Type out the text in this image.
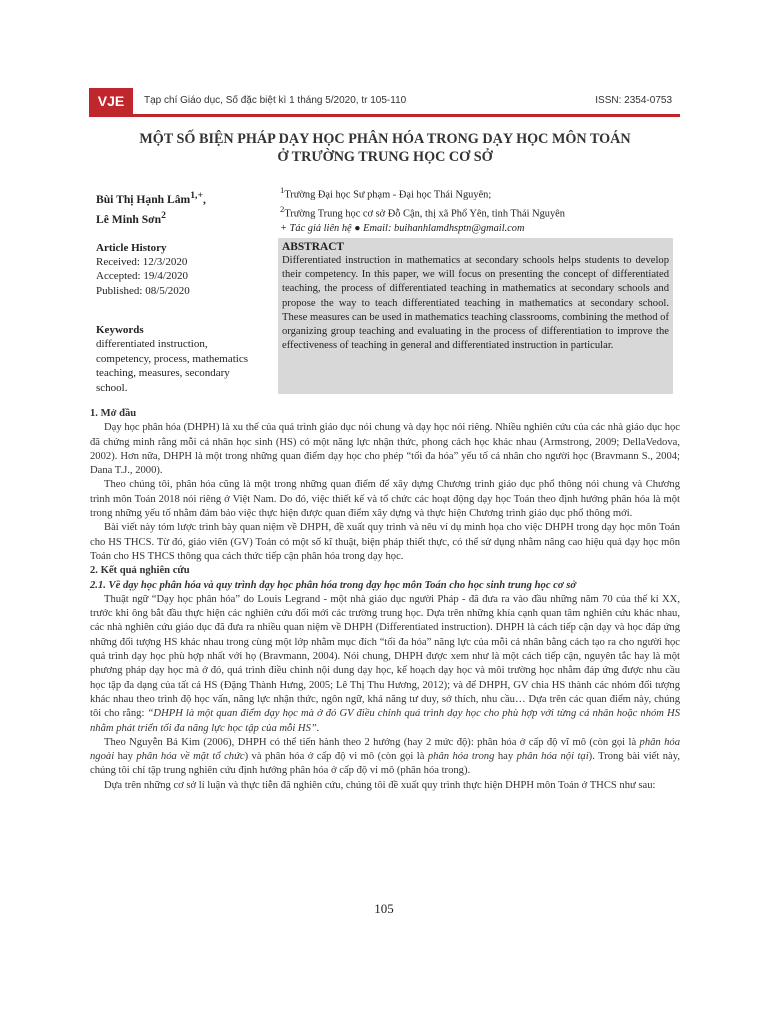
VJE	Tạp chí Giáo dục, Số đặc biệt kì 1 tháng 5/2020, tr 105-110	ISSN: 2354-0753
MỘT SỐ BIỆN PHÁP DẠY HỌC PHÂN HÓA TRONG DẠY HỌC MÔN TOÁN
Ở TRƯỜNG TRUNG HỌC CƠ SỞ
Bùi Thị Hạnh Lâm$^{1,+}$,
Lê Minh Sơn$^2$
$^1$Trường Đại học Sư phạm - Đại học Thái Nguyên;
$^2$Trường Trung học cơ sở Đỗ Cận, thị xã Phổ Yên, tỉnh Thái Nguyên
+ Tác giả liên hệ ● Email: buihanhlamdhsptn@gmail.com
Article History
Received: 12/3/2020
Accepted: 19/4/2020
Published: 08/5/2020
Keywords
differentiated instruction, competency, process, mathematics teaching, measures, secondary school.
ABSTRACT
Differentiated instruction in mathematics at secondary schools helps students to develop their competency. In this paper, we will focus on presenting the concept of differentiated teaching, the process of differentiated teaching in mathematics at secondary schools and propose the way to teach differentiated teaching in mathematics at secondary school. These measures can be used in mathematics teaching classrooms, combining the method of organizing group teaching and evaluating in the process of differentiation to improve the effectiveness of teaching in general and differentiated instruction in particular.

1. Mở đầu

Dạy học phân hóa (DHPH) là xu thế của quá trình giáo dục nói chung và dạy học nói riêng. Nhiều nghiên cứu của các nhà giáo dục học đã chứng minh rằng mỗi cá nhân học sinh (HS) có một năng lực nhận thức, phong cách học khác nhau (Armstrong, 2009; DellaVedova, 2002). Hơn nữa, DHPH là một trong những quan điểm dạy học cho phép “tối đa hóa” yếu tố cá nhân cho người học (Bravmann S., 2004; Dana T.J., 2000).

Theo chúng tôi, phân hóa cũng là một trong những quan điểm để xây dựng Chương trình giáo dục phổ thông nói chung và Chương trình môn Toán 2018 nói riêng ở Việt Nam. Do đó, việc thiết kế và tổ chức các hoạt động dạy học Toán theo định hướng phân hóa là một trong những yếu tố nhằm đảm bảo việc thực hiện được quan điểm xây dựng và thực hiện Chương trình giáo dục phổ thông mới.

Bài viết này tóm lược trình bày quan niệm về DHPH, đề xuất quy trình và nêu ví dụ minh họa cho việc DHPH trong dạy học môn Toán cho HS THCS. Từ đó, giáo viên (GV) Toán có một số kĩ thuật, biện pháp thiết thực, có thể sử dụng nhằm nâng cao hiệu quả dạy học môn Toán cho HS THCS thông qua cách thức tiếp cận phân hóa trong dạy học.

2. Kết quả nghiên cứu

2.1. Về dạy học phân hóa và quy trình dạy học phân hóa trong dạy học môn Toán cho học sinh trung học cơ sở

Thuật ngữ “Dạy học phân hóa” do Louis Legrand - một nhà giáo dục người Pháp - đã đưa ra vào đầu những năm 70 của thế kỉ XX, trước khi ông bắt đầu thực hiện các nghiên cứu đổi mới các trường trung học. Dựa trên những khía cạnh quan tâm nghiên cứu khác nhau, các nhà nghiên cứu giáo dục đã đưa ra nhiều quan niệm về DHPH (Differentiated instruction). DHPH là cách tiếp cận dạy và học đáp ứng những đối tượng HS khác nhau trong cùng một lớp nhằm mục đích “tối đa hóa” năng lực của mỗi cá nhân bằng cách tạo ra cho người học quá trình dạy học phù hợp nhất với họ (Bravmann, 2004). Nói chung, DHPH được xem như là một cách tiếp cận, nguyên tắc hay là một phương pháp dạy học mà ở đó, quá trình điều chỉnh nội dung dạy học, kế hoạch dạy học và môi trường học nhằm đáp ứng được nhu cầu học tập đa dạng của tất cả HS (Đặng Thành Hưng, 2005; Lê Thị Thu Hương, 2012); và để DHPH, GV chia HS thành các nhóm đối tượng khác nhau theo trình độ học vấn, năng lực nhận thức, ngôn ngữ, khả năng tư duy, sở thích, nhu cầu… Dựa trên các quan điểm này, chúng tôi cho rằng: “DHPH là một quan điểm dạy học mà ở đó GV điều chỉnh quá trình dạy học cho phù hợp với từng cá nhân hoặc nhóm HS nhằm phát triển tối đa năng lực học tập của mỗi HS”.

Theo Nguyễn Bá Kim (2006), DHPH có thể tiến hành theo 2 hướng (hay 2 mức độ): phân hóa ở cấp độ vĩ mô (còn gọi là phân hóa ngoài hay phân hóa về mặt tổ chức) và phân hóa ở cấp độ vi mô (còn gọi là phân hóa trong hay phân hóa nội tại). Trong bài viết này, chúng tôi chỉ tập trung nghiên cứu định hướng phân hóa ở cấp độ vi mô (phân hóa trong).

Dựa trên những cơ sở lí luận và thực tiễn đã nghiên cứu, chúng tôi đề xuất quy trình thực hiện DHPH môn Toán ở THCS như sau:

105
